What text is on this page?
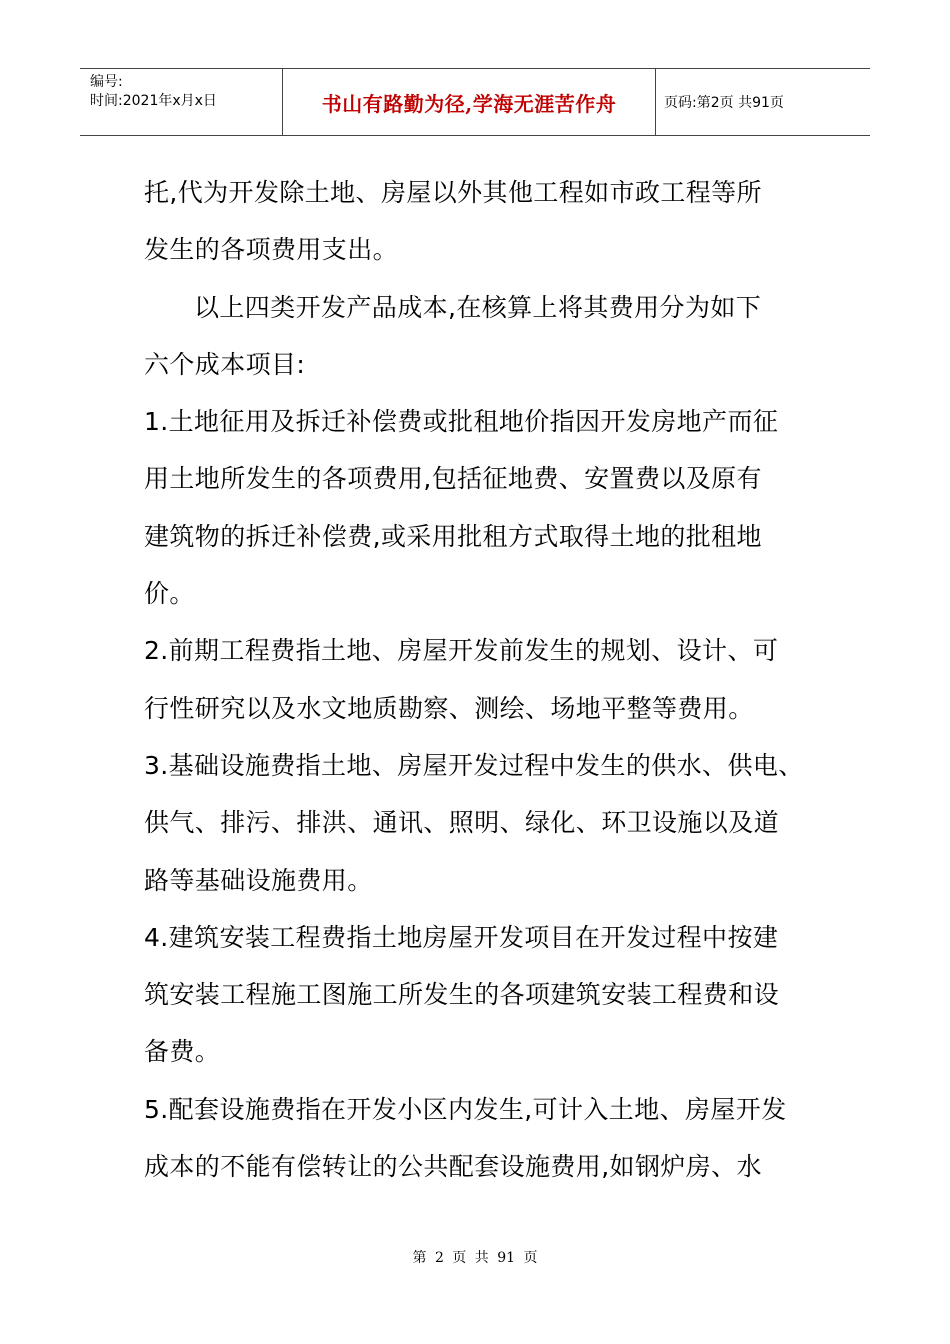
编号:
时间:2021年x月x日	书山有路勤为径,学海无涯苦作舟	页码:第2页 共91页

托,代为开发除土地、房屋以外其他工程如市政工程等所

发生的各项费用支出。

以上四类开发产品成本,在核算上将其费用分为如下

六个成本项目:

1.土地征用及拆迁补偿费或批租地价指因开发房地产而征

用土地所发生的各项费用,包括征地费、安置费以及原有

建筑物的拆迁补偿费,或采用批租方式取得土地的批租地

价。

2.前期工程费指土地、房屋开发前发生的规划、设计、可

行性研究以及水文地质勘察、测绘、场地平整等费用。

3.基础设施费指土地、房屋开发过程中发生的供水、供电、

供气、排污、排洪、通讯、照明、绿化、环卫设施以及道

路等基础设施费用。

4.建筑安装工程费指土地房屋开发项目在开发过程中按建

筑安装工程施工图施工所发生的各项建筑安装工程费和设

备费。

5.配套设施费指在开发小区内发生,可计入土地、房屋开发

成本的不能有偿转让的公共配套设施费用,如钢炉房、水

第 2 页 共 91 页
